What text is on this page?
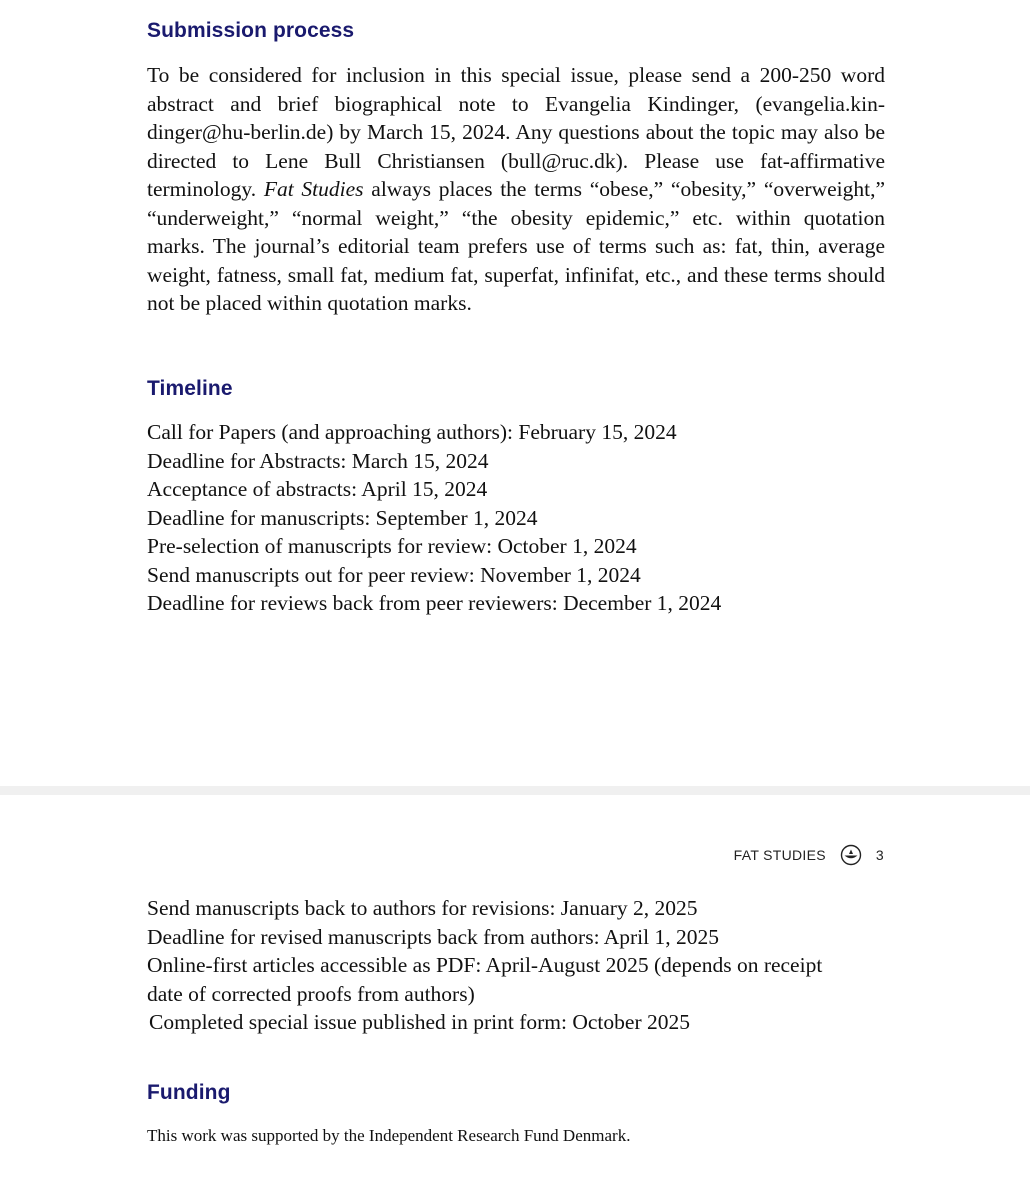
Submission process

To be considered for inclusion in this special issue, please send a 200-250 word abstract and brief biographical note to Evangelia Kindinger, (evangelia.kindinger@hu-berlin.de) by March 15, 2024. Any questions about the topic may also be directed to Lene Bull Christiansen (bull@ruc.dk). Please use fat-affirmative terminology. Fat Studies always places the terms “obese,” “obesity,” “overweight,” “underweight,” “normal weight,” “the obesity epidemic,” etc. within quotation marks. The journal’s editorial team prefers use of terms such as: fat, thin, average weight, fatness, small fat, medium fat, superfat, infinifat, etc., and these terms should not be placed within quotation marks.

Timeline
Call for Papers (and approaching authors): February 15, 2024
Deadline for Abstracts: March 15, 2024
Acceptance of abstracts: April 15, 2024
Deadline for manuscripts: September 1, 2024
Pre-selection of manuscripts for review: October 1, 2024
Send manuscripts out for peer review: November 1, 2024
Deadline for reviews back from peer reviewers: December 1, 2024
FAT STUDIES	3
Send manuscripts back to authors for revisions: January 2, 2025
Deadline for revised manuscripts back from authors: April 1, 2025
Online-first articles accessible as PDF: April-August 2025 (depends on receipt
date of corrected proofs from authors)
Completed special issue published in print form: October 2025
Funding

This work was supported by the Independent Research Fund Denmark.
